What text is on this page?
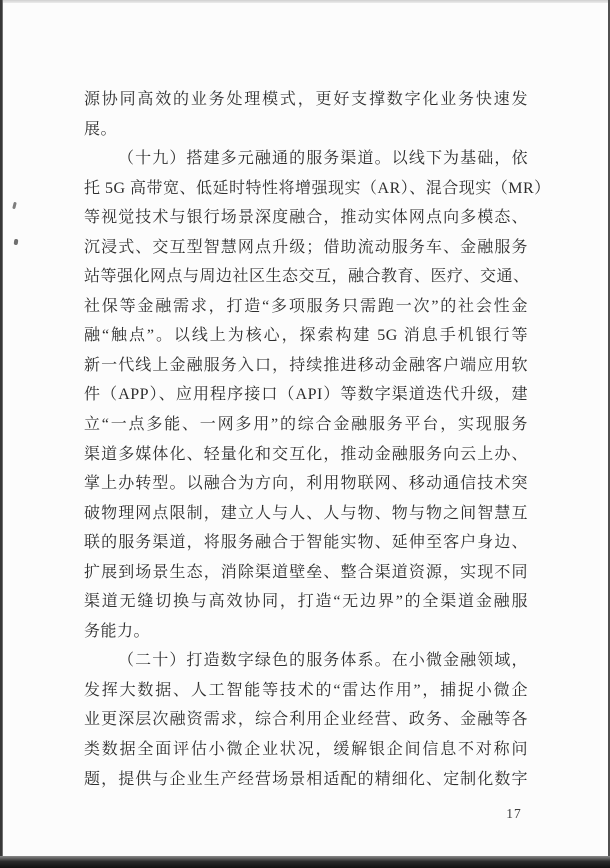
源协同高效的业务处理模式，更好支撑数字化业务快速发
展。
（十九）搭建多元融通的服务渠道。以线下为基础，依
托 5G 高带宽、低延时特性将增强现实（AR）、混合现实（MR）
等视觉技术与银行场景深度融合，推动实体网点向多模态、
沉浸式、交互型智慧网点升级；借助流动服务车、金融服务
站等强化网点与周边社区生态交互，融合教育、医疗、交通、
社保等金融需求，打造“多项服务只需跑一次”的社会性金
融“触点”。以线上为核心，探索构建 5G 消息手机银行等
新一代线上金融服务入口，持续推进移动金融客户端应用软
件（APP）、应用程序接口（API）等数字渠道迭代升级，建
立“一点多能、一网多用”的综合金融服务平台，实现服务
渠道多媒体化、轻量化和交互化，推动金融服务向云上办、
掌上办转型。以融合为方向，利用物联网、移动通信技术突
破物理网点限制，建立人与人、人与物、物与物之间智慧互
联的服务渠道，将服务融合于智能实物、延伸至客户身边、
扩展到场景生态，消除渠道壁垒、整合渠道资源，实现不同
渠道无缝切换与高效协同，打造“无边界”的全渠道金融服
务能力。
（二十）打造数字绿色的服务体系。在小微金融领域，
发挥大数据、人工智能等技术的“雷达作用”，捕捉小微企
业更深层次融资需求，综合利用企业经营、政务、金融等各
类数据全面评估小微企业状况，缓解银企间信息不对称问
题，提供与企业生产经营场景相适配的精细化、定制化数字
17
